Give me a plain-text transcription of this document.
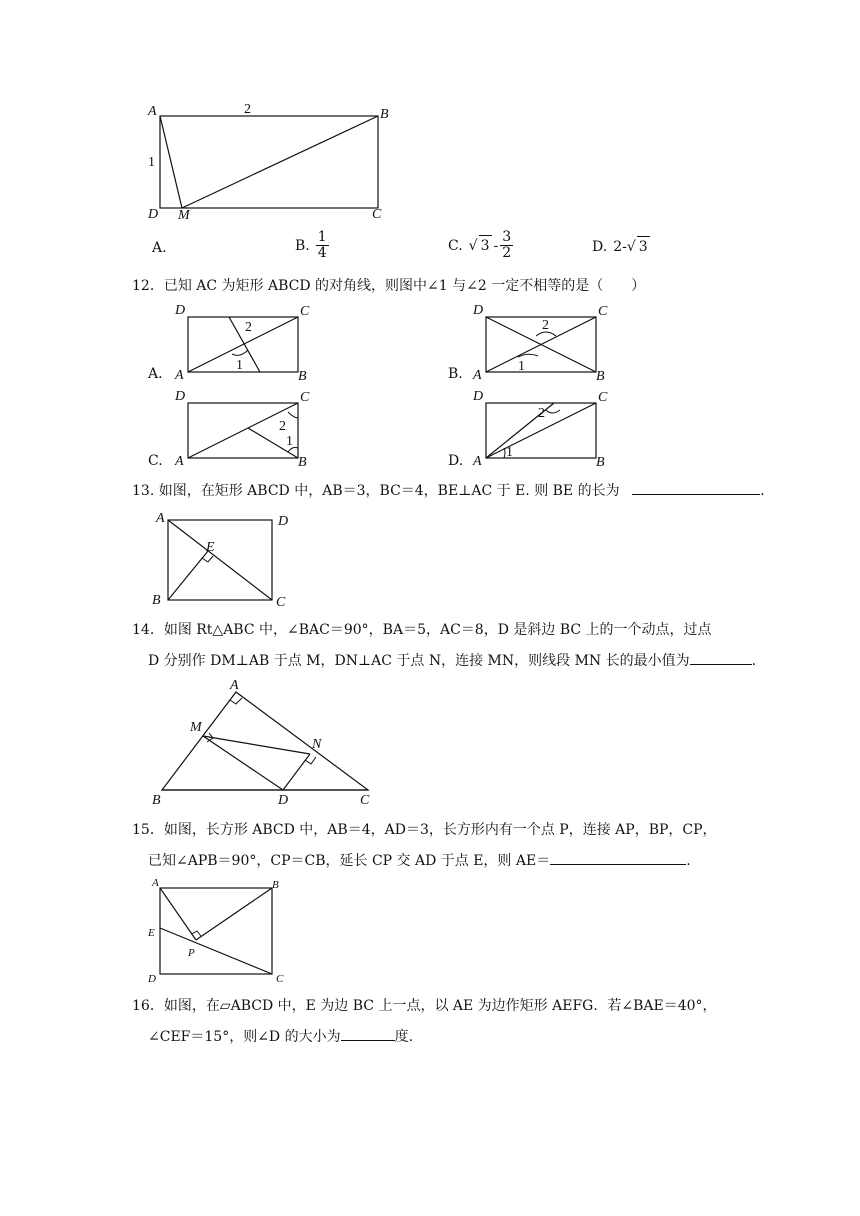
A	B
C
D M
2
1
A.	B. $\frac{1}{4}$	C. √ $3 - \frac{3}{2}$	D. 2- √ 3
12．已知 AC 为矩形 ABCD 的对角线，则图中∠1 与∠2 一定不相等的是（　　）
D	C
A	B
2
1
A.
D	C
A	B
2
1
B.
D	C
A	B
2
1
C.
D	C
A	B
2
1
D.
13. 如图，在矩形 ABCD 中，AB＝3，BC＝4，BE⊥AC 于 E. 则 BE 的长为	.
A	D
B	C
E
14．如图 Rt△ABC 中，∠BAC＝90°，BA＝5，AC＝8，D 是斜边 BC 上的一个动点，过点
D 分别作 DM⊥AB 于点 M，DN⊥AC 于点 N，连接 MN，则线段 MN 长的最小值为	.
A
B	C
D
M
N
15．如图，长方形 ABCD 中，AB＝4，AD＝3，长方形内有一个点 P，连接 AP，BP，CP，
已知∠APB＝90°，CP＝CB，延长 CP 交 AD 于点 E，则 AE＝	.
A	B
C
D
E
P
16．如图，在▱ABCD 中，E 为边 BC 上一点，以 AE 为边作矩形 AEFG．若∠BAE＝40°，
∠CEF＝15°，则∠D 的大小为	度.
